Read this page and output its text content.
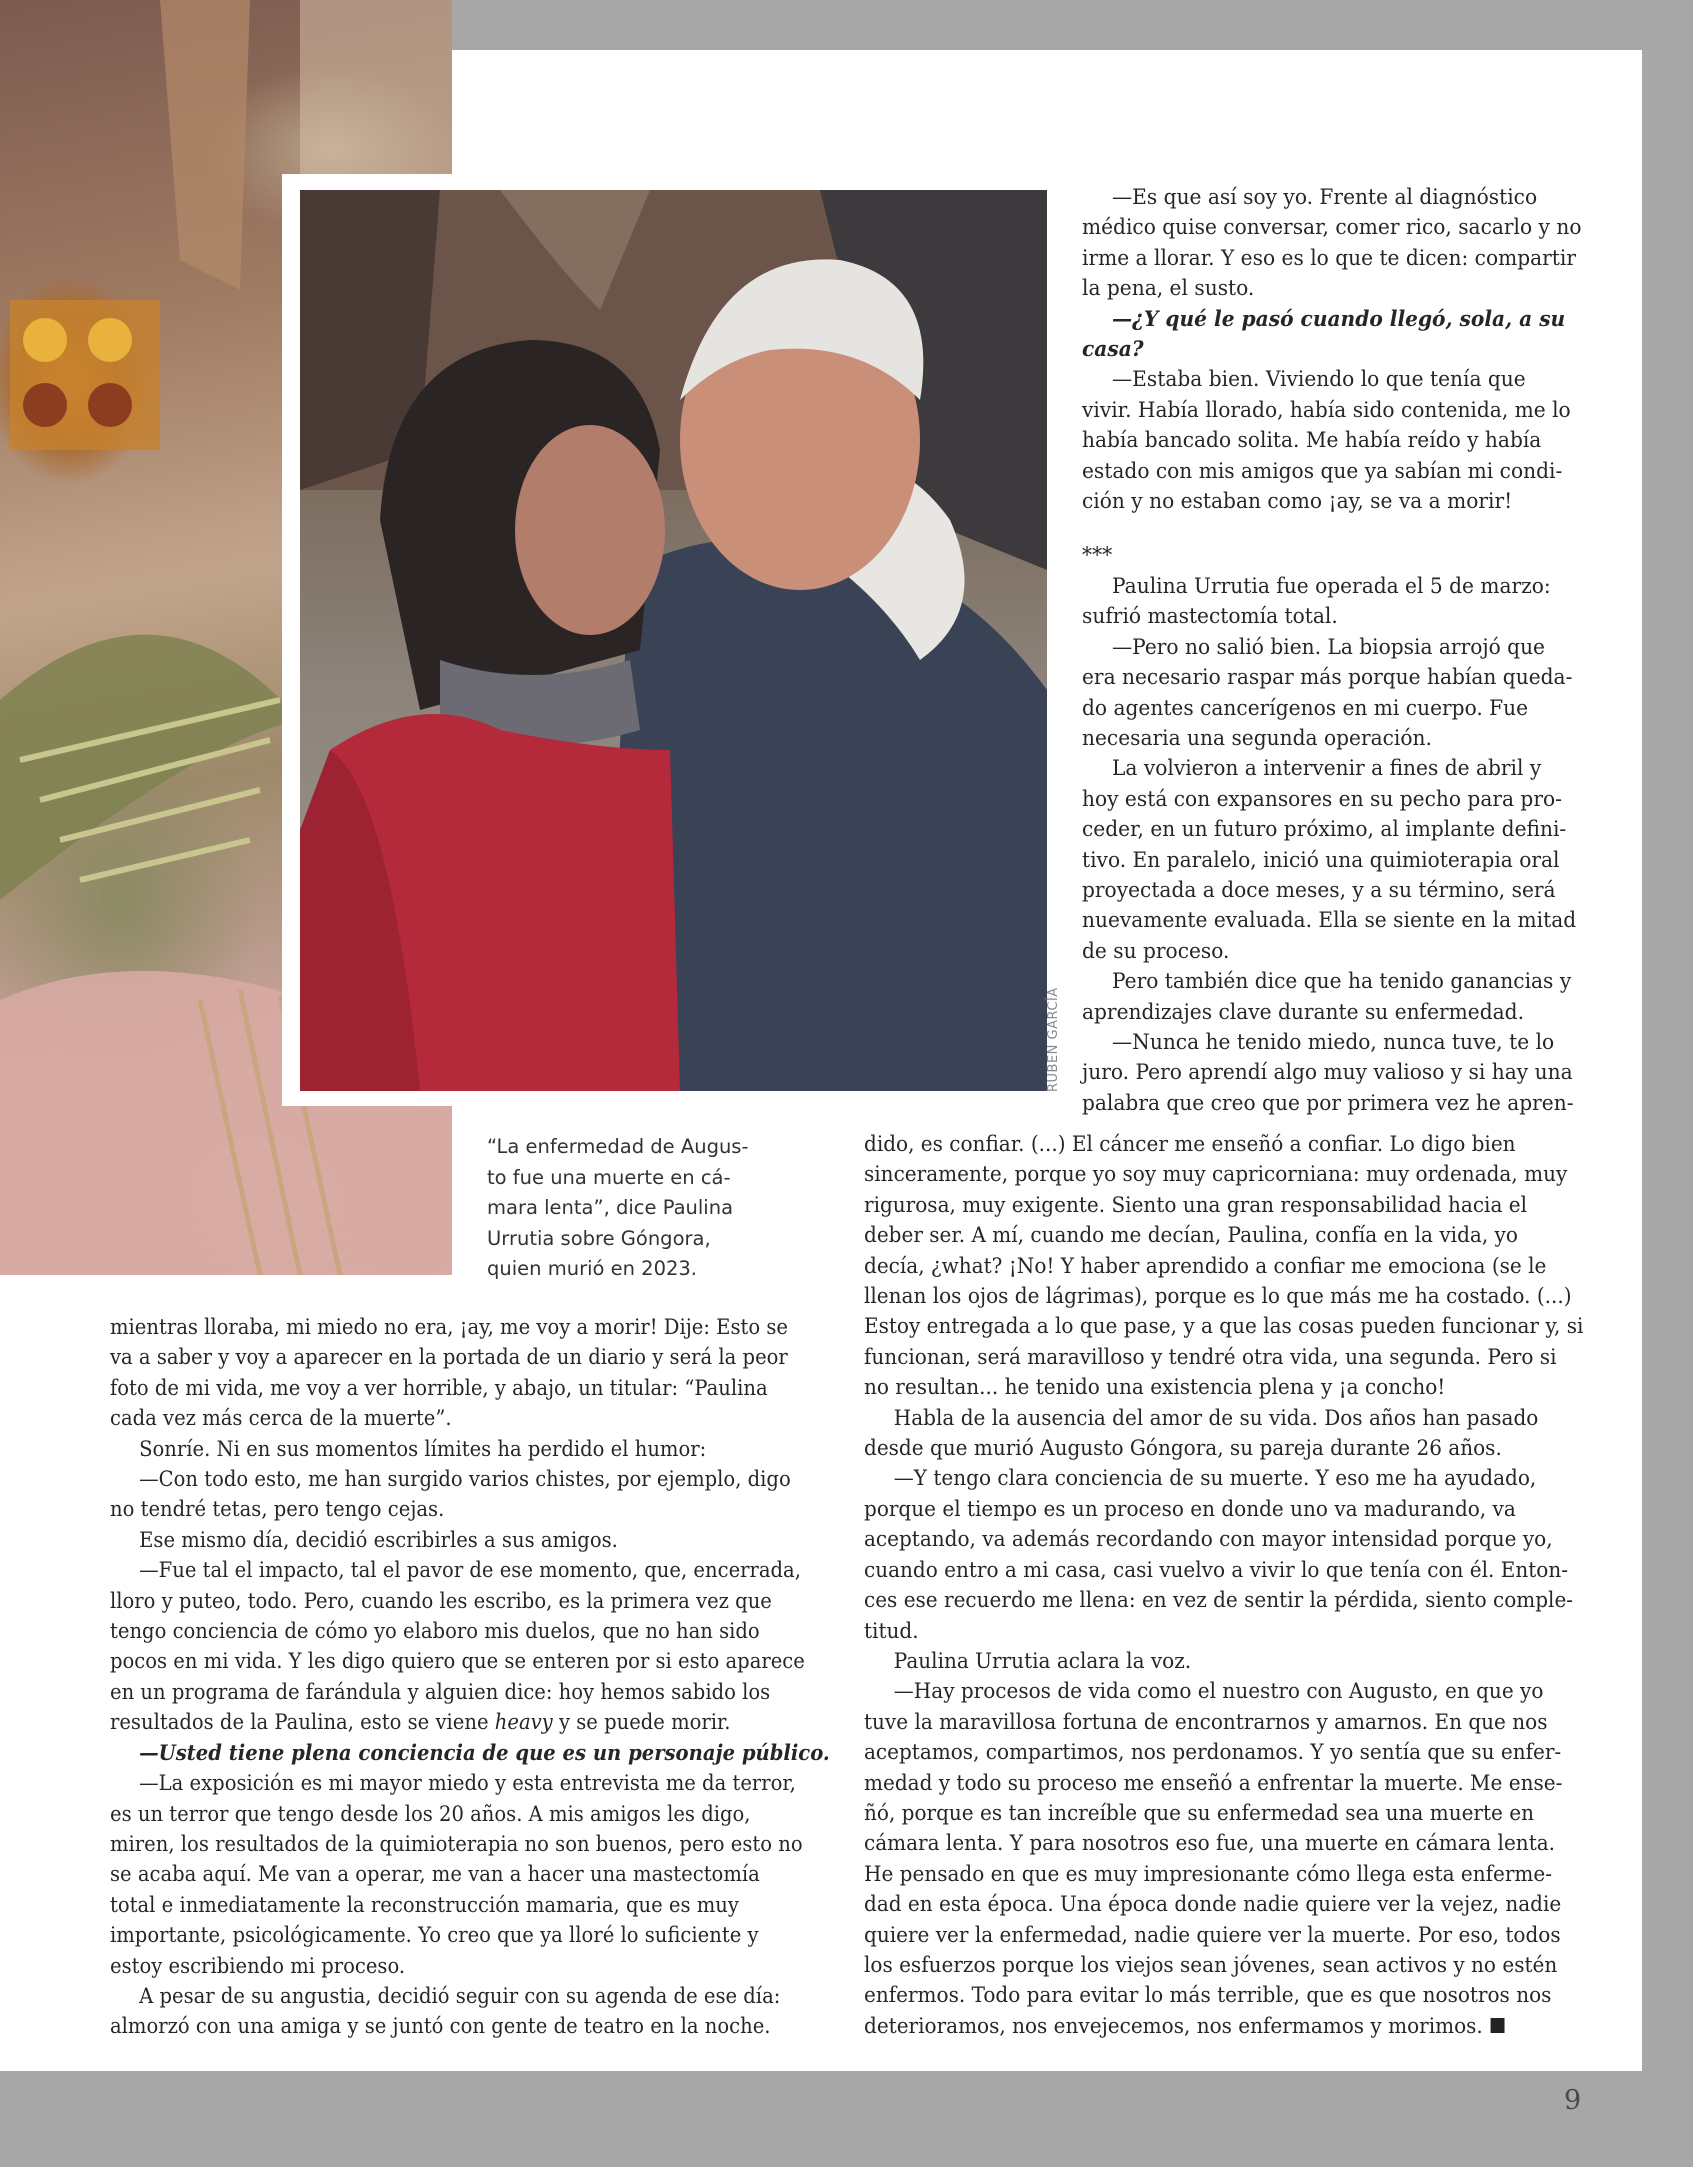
RUBEN GARCÍA
“La enfermedad de Augus-
to fue una muerte en cá-
mara lenta”, dice Paulina
Urrutia sobre Góngora,
quien murió en 2023.
—Es que así soy yo. Frente al diagnóstico
médico quise conversar, comer rico, sacarlo y no
irme a llorar. Y eso es lo que te dicen: compartir
la pena, el susto.
—¿Y qué le pasó cuando llegó, sola, a su
casa?
—Estaba bien. Viviendo lo que tenía que
vivir. Había llorado, había sido contenida, me lo
había bancado solita. Me había reído y había
estado con mis amigos que ya sabían mi condi-
ción y no estaban como ¡ay, se va a morir!
***
Paulina Urrutia fue operada el 5 de marzo:
sufrió mastectomía total.
—Pero no salió bien. La biopsia arrojó que
era necesario raspar más porque habían queda-
do agentes cancerígenos en mi cuerpo. Fue
necesaria una segunda operación.
La volvieron a intervenir a fines de abril y
hoy está con expansores en su pecho para pro-
ceder, en un futuro próximo, al implante defini-
tivo. En paralelo, inició una quimioterapia oral
proyectada a doce meses, y a su término, será
nuevamente evaluada. Ella se siente en la mitad
de su proceso.
Pero también dice que ha tenido ganancias y
aprendizajes clave durante su enfermedad.
—Nunca he tenido miedo, nunca tuve, te lo
juro. Pero aprendí algo muy valioso y si hay una
palabra que creo que por primera vez he apren-
dido, es confiar. (...) El cáncer me enseñó a confiar. Lo digo bien
sinceramente, porque yo soy muy capricorniana: muy ordenada, muy
rigurosa, muy exigente. Siento una gran responsabilidad hacia el
deber ser. A mí, cuando me decían, Paulina, confía en la vida, yo
decía, ¿what? ¡No! Y haber aprendido a confiar me emociona (se le
llenan los ojos de lágrimas), porque es lo que más me ha costado. (...)
Estoy entregada a lo que pase, y a que las cosas pueden funcionar y, si
funcionan, será maravilloso y tendré otra vida, una segunda. Pero si
no resultan... he tenido una existencia plena y ¡a concho!
Habla de la ausencia del amor de su vida. Dos años han pasado
desde que murió Augusto Góngora, su pareja durante 26 años.
—Y tengo clara conciencia de su muerte. Y eso me ha ayudado,
porque el tiempo es un proceso en donde uno va madurando, va
aceptando, va además recordando con mayor intensidad porque yo,
cuando entro a mi casa, casi vuelvo a vivir lo que tenía con él. Enton-
ces ese recuerdo me llena: en vez de sentir la pérdida, siento comple-
titud.
Paulina Urrutia aclara la voz.
—Hay procesos de vida como el nuestro con Augusto, en que yo
tuve la maravillosa fortuna de encontrarnos y amarnos. En que nos
aceptamos, compartimos, nos perdonamos. Y yo sentía que su enfer-
medad y todo su proceso me enseñó a enfrentar la muerte. Me ense-
ñó, porque es tan increíble que su enfermedad sea una muerte en
cámara lenta. Y para nosotros eso fue, una muerte en cámara lenta.
He pensado en que es muy impresionante cómo llega esta enferme-
dad en esta época. Una época donde nadie quiere ver la vejez, nadie
quiere ver la enfermedad, nadie quiere ver la muerte. Por eso, todos
los esfuerzos porque los viejos sean jóvenes, sean activos y no estén
enfermos. Todo para evitar lo más terrible, que es que nosotros nos
deterioramos, nos envejecemos, nos enfermamos y morimos.
mientras lloraba, mi miedo no era, ¡ay, me voy a morir! Dije: Esto se
va a saber y voy a aparecer en la portada de un diario y será la peor
foto de mi vida, me voy a ver horrible, y abajo, un titular: “Paulina
cada vez más cerca de la muerte”.
Sonríe. Ni en sus momentos límites ha perdido el humor:
—Con todo esto, me han surgido varios chistes, por ejemplo, digo
no tendré tetas, pero tengo cejas.
Ese mismo día, decidió escribirles a sus amigos.
—Fue tal el impacto, tal el pavor de ese momento, que, encerrada,
lloro y puteo, todo. Pero, cuando les escribo, es la primera vez que
tengo conciencia de cómo yo elaboro mis duelos, que no han sido
pocos en mi vida. Y les digo quiero que se enteren por si esto aparece
en un programa de farándula y alguien dice: hoy hemos sabido los
resultados de la Paulina, esto se viene heavy y se puede morir.
—Usted tiene plena conciencia de que es un personaje público.
—La exposición es mi mayor miedo y esta entrevista me da terror,
es un terror que tengo desde los 20 años. A mis amigos les digo,
miren, los resultados de la quimioterapia no son buenos, pero esto no
se acaba aquí. Me van a operar, me van a hacer una mastectomía
total e inmediatamente la reconstrucción mamaria, que es muy
importante, psicológicamente. Yo creo que ya lloré lo suficiente y
estoy escribiendo mi proceso.
A pesar de su angustia, decidió seguir con su agenda de ese día:
almorzó con una amiga y se juntó con gente de teatro en la noche.
9
